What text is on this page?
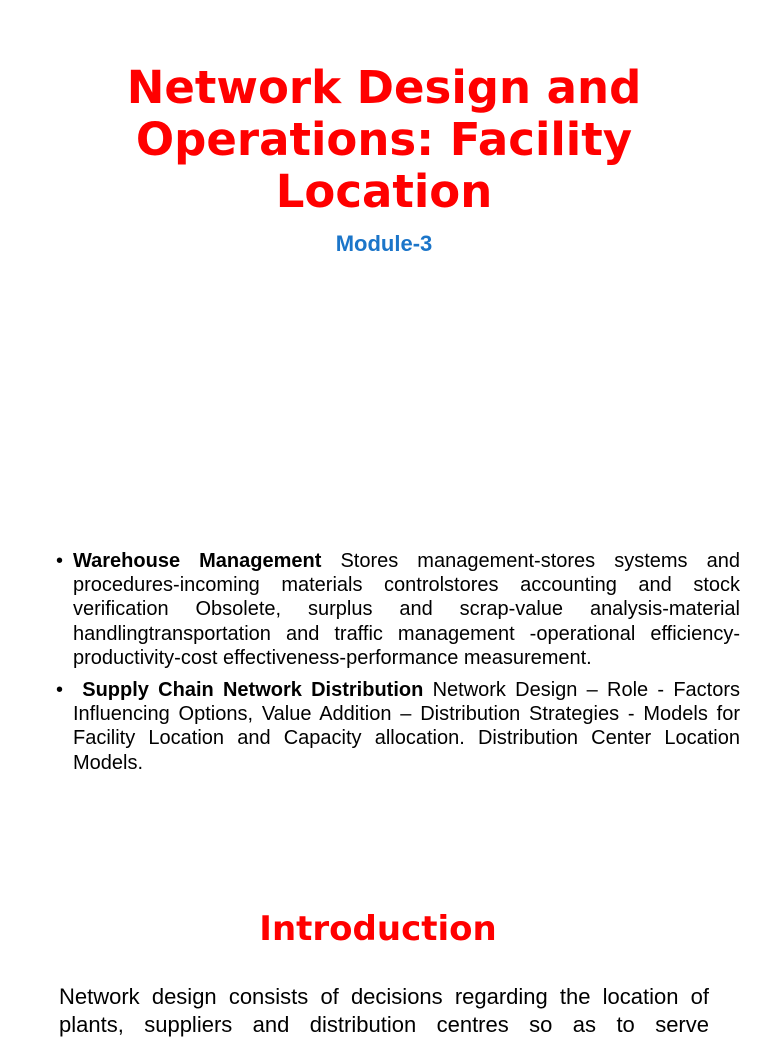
Network Design and Operations: Facility Location
Module-3
• Warehouse Management Stores management-stores systems and procedures-incoming materials controlstores accounting and stock verification Obsolete, surplus and scrap-value analysis-material handlingtransportation and traffic management -operational efficiency-productivity-cost effectiveness-performance measurement.
• Supply Chain Network Distribution Network Design – Role - Factors Influencing Options, Value Addition – Distribution Strategies - Models for Facility Location and Capacity allocation. Distribution Center Location Models.
Introduction

Network design consists of decisions regarding the location of plants, suppliers and distribution centres so as to serve
